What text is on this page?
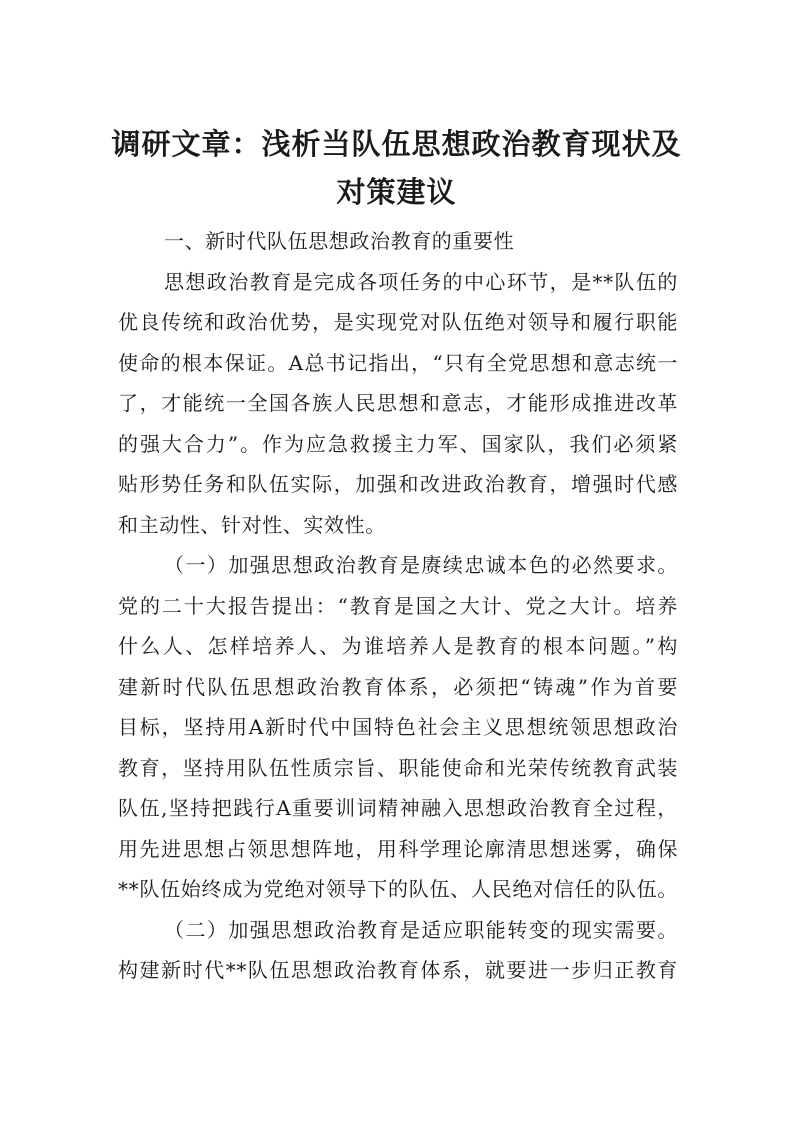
调研文章：浅析当队伍思想政治教育现状及
对策建议
一、新时代队伍思想政治教育的重要性
思想政治教育是完成各项任务的中心环节，是**队伍的
优良传统和政治优势，是实现党对队伍绝对领导和履行职能
使命的根本保证。A总书记指出，“只有全党思想和意志统一
了，才能统一全国各族人民思想和意志，才能形成推进改革
的强大合力”。作为应急救援主力军、国家队，我们必须紧
贴形势任务和队伍实际，加强和改进政治教育，增强时代感
和主动性、针对性、实效性。
（一）加强思想政治教育是赓续忠诚本色的必然要求。
党的二十大报告提出：“教育是国之大计、党之大计。培养
什么人、怎样培养人、为谁培养人是教育的根本问题。”构
建新时代队伍思想政治教育体系，必须把“铸魂”作为首要
目标，坚持用A新时代中国特色社会主义思想统领思想政治
教育，坚持用队伍性质宗旨、职能使命和光荣传统教育武装
队伍,坚持把践行A重要训词精神融入思想政治教育全过程，
用先进思想占领思想阵地，用科学理论廓清思想迷雾，确保
**队伍始终成为党绝对领导下的队伍、人民绝对信任的队伍。
（二）加强思想政治教育是适应职能转变的现实需要。
构建新时代**队伍思想政治教育体系，就要进一步归正教育
